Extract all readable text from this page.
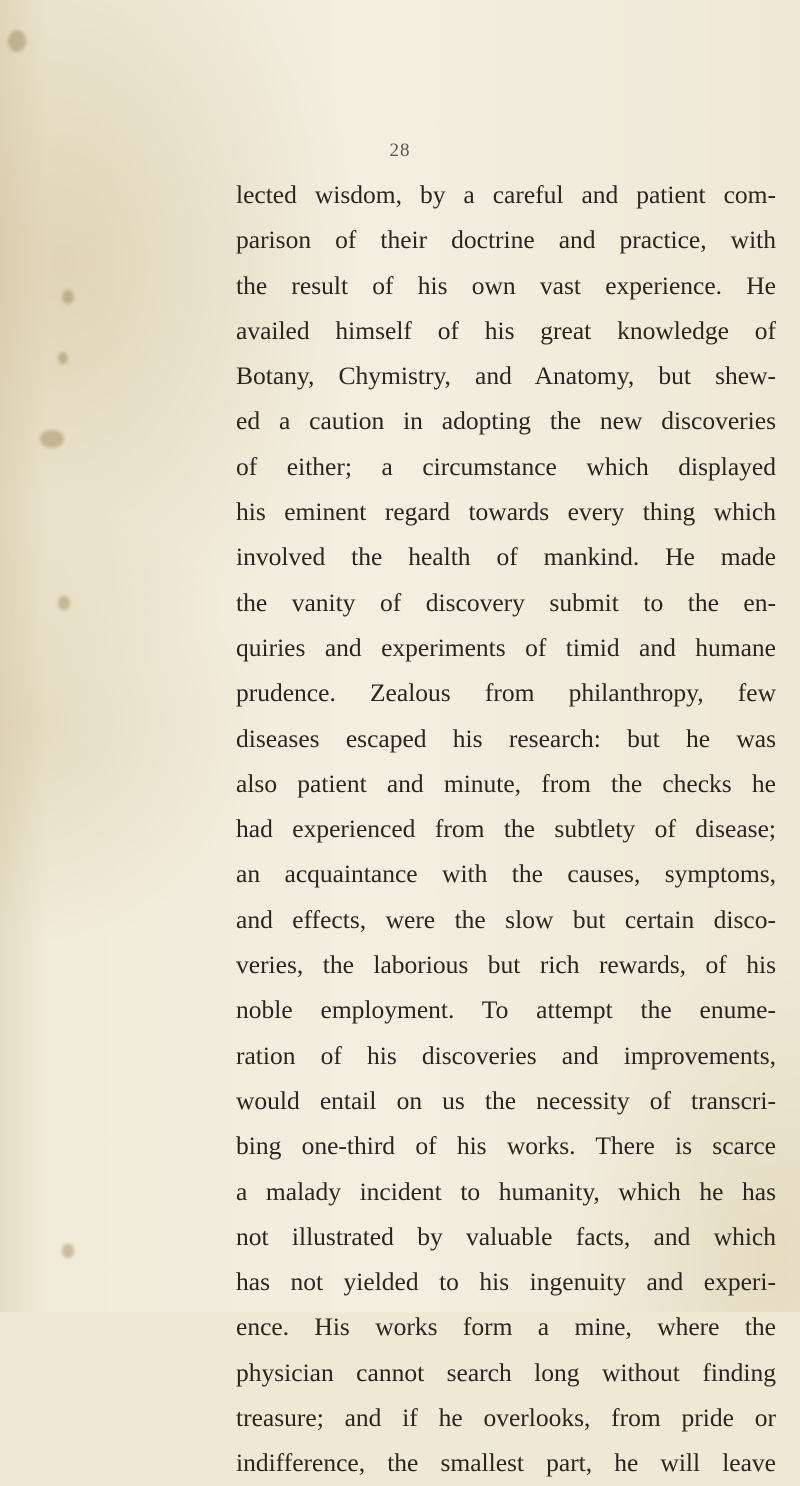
28
lected wisdom, by a careful and patient com-
parison of their doctrine and practice, with
the result of his own vast experience. He
availed himself of his great knowledge of
Botany, Chymistry, and Anatomy, but shew-
ed a caution in adopting the new discoveries
of either; a circumstance which displayed
his eminent regard towards every thing which
involved the health of mankind. He made
the vanity of discovery submit to the en-
quiries and experiments of timid and humane
prudence. Zealous from philanthropy, few
diseases escaped his research: but he was
also patient and minute, from the checks he
had experienced from the subtlety of disease;
an acquaintance with the causes, symptoms,
and effects, were the slow but certain disco-
veries, the laborious but rich rewards, of his
noble employment. To attempt the enume-
ration of his discoveries and improvements,
would entail on us the necessity of transcri-
bing one-third of his works. There is scarce
a malady incident to humanity, which he has
not illustrated by valuable facts, and which
has not yielded to his ingenuity and experi-
ence. His works form a mine, where the
physician cannot search long without finding
treasure; and if he overlooks, from pride or
indifference, the smallest part, he will leave
